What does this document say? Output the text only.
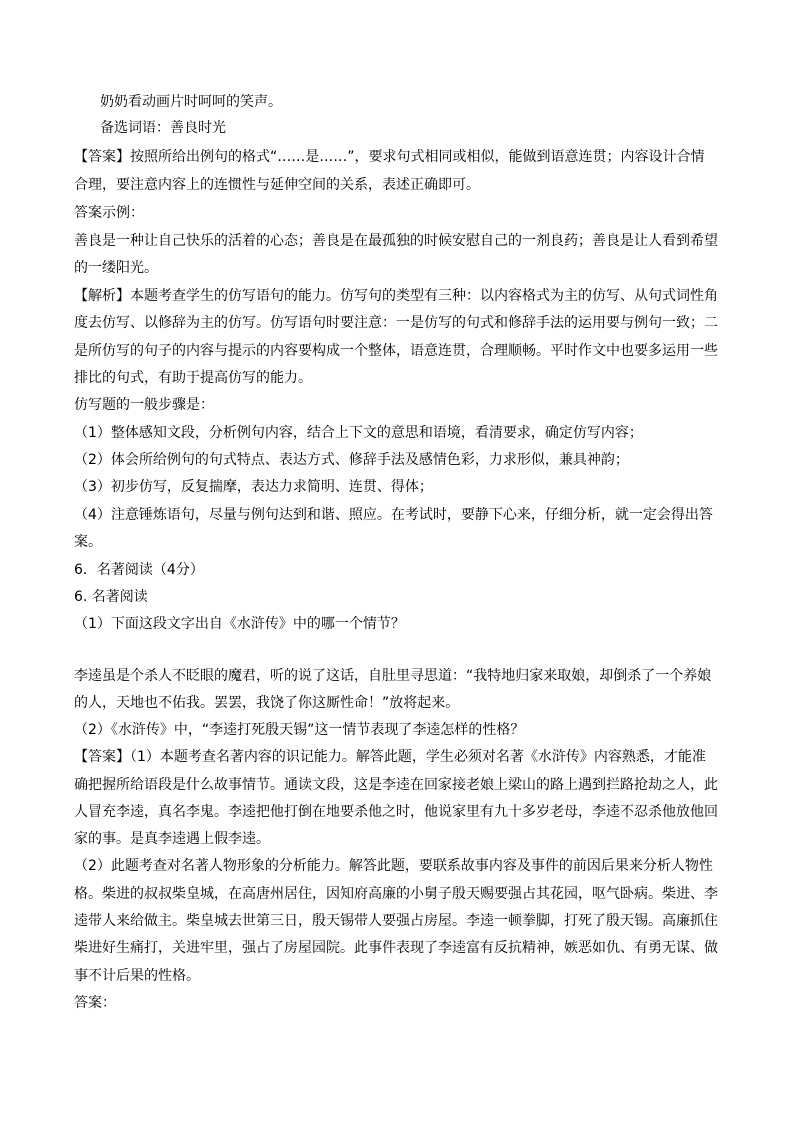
奶奶看动画片时呵呵的笑声。
备选词语：善良时光
【答案】按照所给出例句的格式“……是……”，要求句式相同或相似，能做到语意连贯；内容设计合情
合理，要注意内容上的连惯性与延伸空间的关系，表述正确即可。
答案示例：
善良是一种让自己快乐的活着的心态；善良是在最孤独的时候安慰自己的一剂良药；善良是让人看到希望
的一缕阳光。
【解析】本题考查学生的仿写语句的能力。仿写句的类型有三种：以内容格式为主的仿写、从句式词性角
度去仿写、以修辞为主的仿写。仿写语句时要注意：一是仿写的句式和修辞手法的运用要与例句一致；二
是所仿写的句子的内容与提示的内容要构成一个整体，语意连贯，合理顺畅。平时作文中也要多运用一些
排比的句式，有助于提高仿写的能力。
仿写题的一般步骤是：
（1）整体感知文段，分析例句内容，结合上下文的意思和语境，看清要求，确定仿写内容；
（2）体会所给例句的句式特点、表达方式、修辞手法及感情色彩，力求形似，兼具神韵；
（3）初步仿写，反复揣摩，表达力求简明、连贯、得体；
（4）注意锤炼语句，尽量与例句达到和谐、照应。在考试时，要静下心来，仔细分析，就一定会得出答
案。
6．名著阅读（4分）
6. 名著阅读
（1）下面这段文字出自《水浒传》中的哪一个情节？
李逵虽是个杀人不眨眼的魔君，听的说了这话，自肚里寻思道：“我特地归家来取娘，却倒杀了一个养娘
的人，天地也不佑我。罢罢，我饶了你这厮性命！”放将起来。
（2）《水浒传》中，“李逵打死殷天锡”这一情节表现了李逵怎样的性格？
【答案】（1）本题考查名著内容的识记能力。解答此题，学生必须对名著《水浒传》内容熟悉，才能准
确把握所给语段是什么故事情节。通读文段，这是李逵在回家接老娘上梁山的路上遇到拦路抢劫之人，此
人冒充李逵，真名李鬼。李逵把他打倒在地要杀他之时，他说家里有九十多岁老母，李逵不忍杀他放他回
家的事。是真李逵遇上假李逵。
（2）此题考查对名著人物形象的分析能力。解答此题，要联系故事内容及事件的前因后果来分析人物性
格。柴进的叔叔柴皇城，在高唐州居住，因知府高廉的小舅子殷天赐要强占其花园，呕气卧病。柴进、李
逵带人来给做主。柴皇城去世第三日，殷天锡带人要强占房屋。李逵一顿拳脚，打死了殷天锡。高廉抓住
柴进好生痛打，关进牢里，强占了房屋园院。此事件表现了李逵富有反抗精神，嫉恶如仇、有勇无谋、做
事不计后果的性格。
答案：
